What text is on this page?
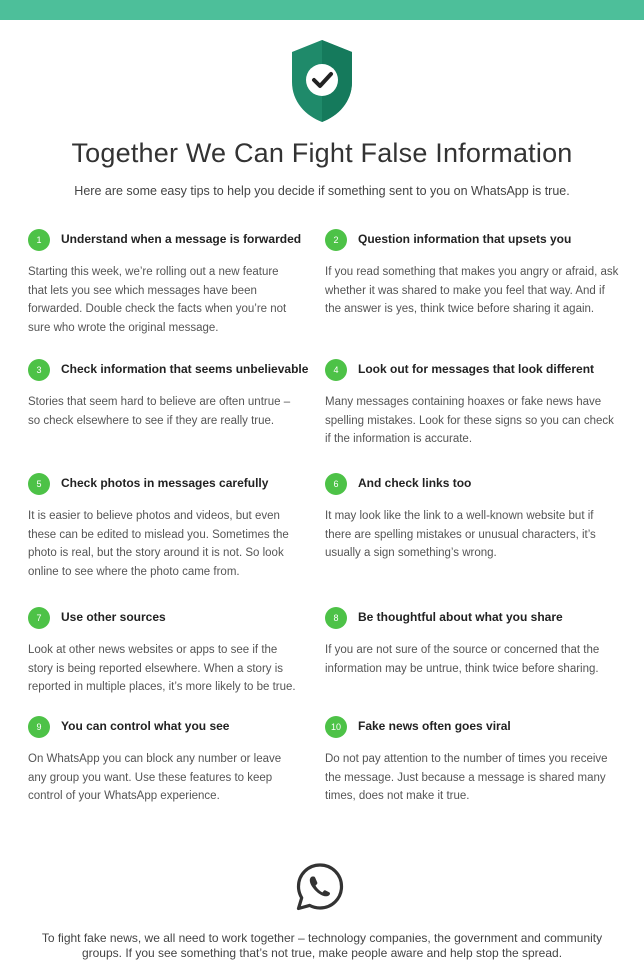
Together We Can Fight False Information
Here are some easy tips to help you decide if something sent to you on WhatsApp is true.
1	Understand when a message is forwarded
Starting this week, we’re rolling out a new feature that lets you see which messages have been forwarded. Double check the facts when you’re not sure who wrote the original message.
2	Question information that upsets you
If you read something that makes you angry or afraid, ask whether it was shared to make you feel that way. And if the answer is yes, think twice before sharing it again.
3	Check information that seems unbelievable
Stories that seem hard to believe are often untrue – so check elsewhere to see if they are really true.
4	Look out for messages that look different
Many messages containing hoaxes or fake news have spelling mistakes. Look for these signs so you can check if the information is accurate.
5	Check photos in messages carefully
It is easier to believe photos and videos, but even these can be edited to mislead you. Sometimes the photo is real, but the story around it is not. So look online to see where the photo came from.
6	And check links too
It may look like the link to a well-known website but if there are spelling mistakes or unusual characters, it’s usually a sign something’s wrong.
7	Use other sources
Look at other news websites or apps to see if the story is being reported elsewhere. When a story is reported in multiple places, it’s more likely to be true.
8	Be thoughtful about what you share
If you are not sure of the source or concerned that the information may be untrue, think twice before sharing.
9	You can control what you see
On WhatsApp you can block any number or leave any group you want. Use these features to keep control of your WhatsApp experience.
10	Fake news often goes viral
Do not pay attention to the number of times you receive the message. Just because a message is shared many times, does not make it true.
To fight fake news, we all need to work together – technology companies, the government and community groups. If you see something that’s not true, make people aware and help stop the spread.
